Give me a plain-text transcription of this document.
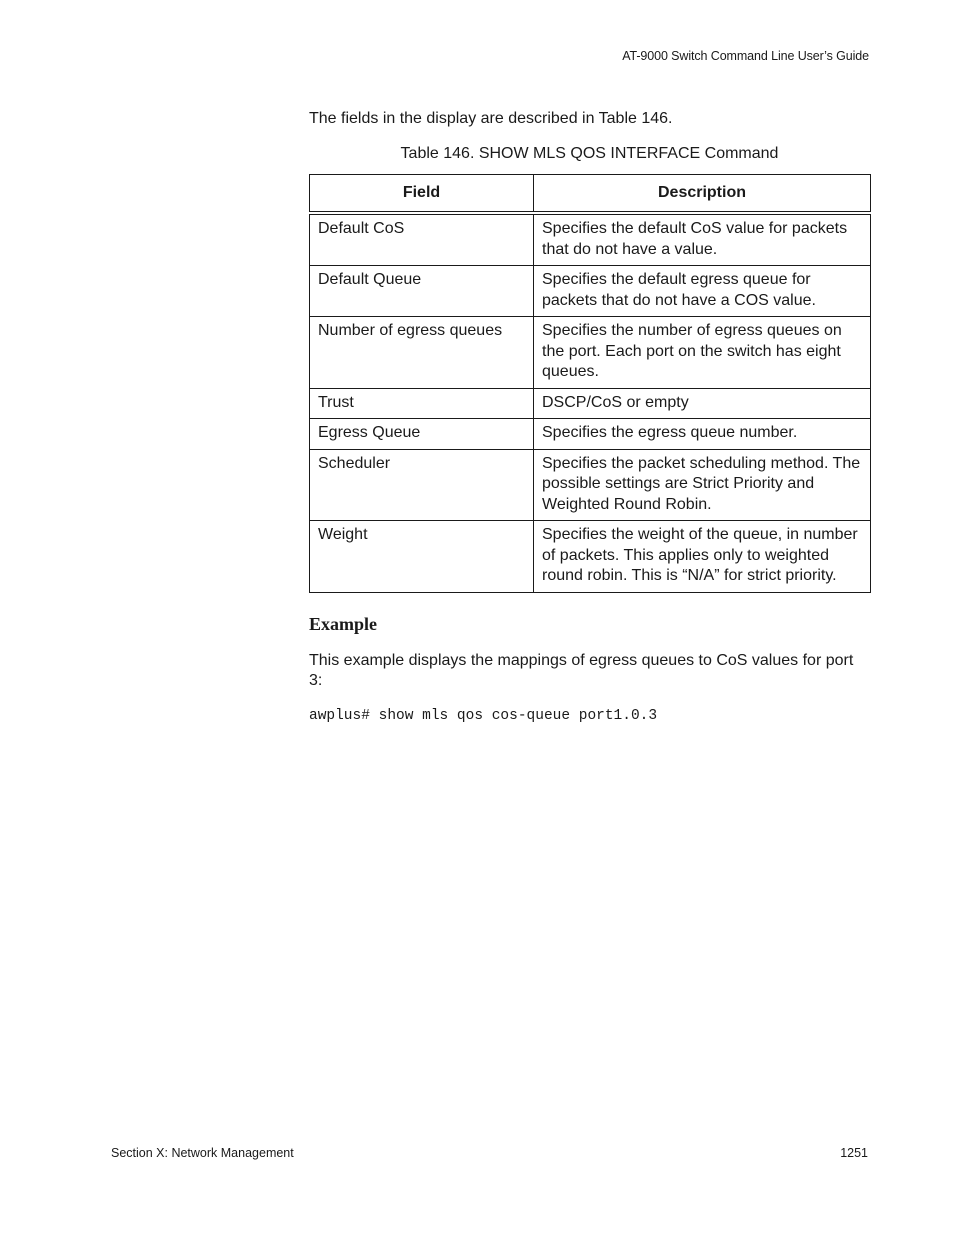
AT-9000 Switch Command Line User’s Guide

The fields in the display are described in Table 146.

Table 146. SHOW MLS QOS INTERFACE Command

Field	Description
Default CoS	Specifies the default CoS value for packets that do not have a value.
Default Queue	Specifies the default egress queue for packets that do not have a COS value.
Number of egress queues	Specifies the number of egress queues on the port. Each port on the switch has eight queues.
Trust	DSCP/CoS or empty
Egress Queue	Specifies the egress queue number.
Scheduler	Specifies the packet scheduling method. The possible settings are Strict Priority and Weighted Round Robin.
Weight	Specifies the weight of the queue, in number of packets. This applies only to weighted round robin. This is “N/A” for strict priority.
Example

This example displays the mappings of egress queues to CoS values for port 3:

awplus# show mls qos cos-queue port1.0.3

Section X: Network Management	1251
